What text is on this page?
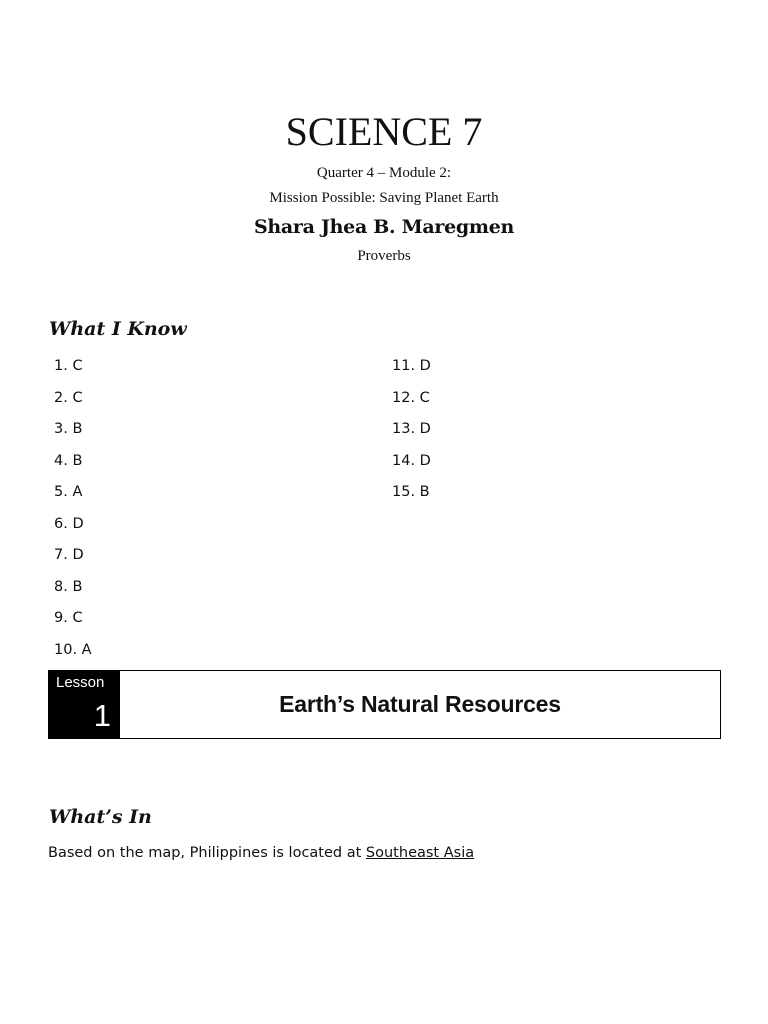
SCIENCE 7
Quarter 4 – Module 2:
Mission Possible: Saving Planet Earth
Shara Jhea B. Maregmen
Proverbs
What I Know
1. C
2. C
3. B
4. B
5. A
6. D
7. D
8. B
9. C
10. A
11. D
12. C
13. D
14. D
15. B
Lesson
1	Earth’s Natural Resources
What’s In
Based on the map, Philippines is located at Southeast Asia
